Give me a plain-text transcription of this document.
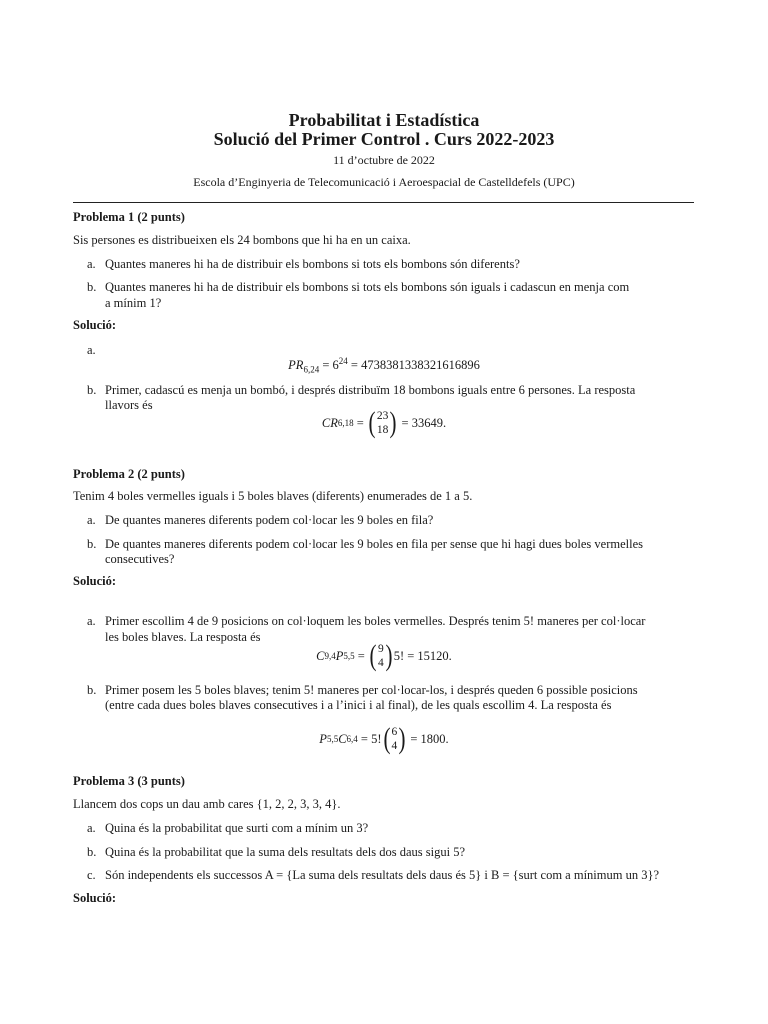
Probabilitat i Estadística
Solució del Primer Control . Curs 2022-2023
11 d’octubre de 2022
Escola d’Enginyeria de Telecomunicació i Aeroespacial de Castelldefels (UPC)
Problema 1 (2 punts)
Sis persones es distribueixen els 24 bombons que hi ha en un caixa.
a. Quantes maneres hi ha de distribuir els bombons si tots els bombons són diferents?
b. Quantes maneres hi ha de distribuir els bombons si tots els bombons són iguals i cadascun en menja com
a mínim 1?
Solució:
a.
$PR_{6,24} = 6^{24} = 4738381338321616896$
b. Primer, cadascú es menja un bombó, i després distribuïm 18 bombons iguals entre 6 persones. La resposta
llavors és
CR 6,18 = ( 23
18 ) = 33649.
Problema 2 (2 punts)
Tenim 4 boles vermelles iguals i 5 boles blaves (diferents) enumerades de 1 a 5.
a. De quantes maneres diferents podem col·locar les 9 boles en fila?
b. De quantes maneres diferents podem col·locar les 9 boles en fila per sense que hi hagi dues boles vermelles
consecutives?
Solució:
a. Primer escollim 4 de 9 posicions on col·loquem les boles vermelles. Després tenim 5! maneres per col·locar
les boles blaves. La resposta és
C 9,4 P 5,5 = ( 9
4 ) 5! = 15120.
b. Primer posem les 5 boles blaves; tenim 5! maneres per col·locar-los, i després queden 6 possible posicions
(entre cada dues boles blaves consecutives i a l’inici i al final), de les quals escollim 4. La resposta és
P 5,5 C 6,4 = 5! ( 6
4 ) = 1800.
Problema 3 (3 punts)
Llancem dos cops un dau amb cares {1, 2, 2, 3, 3, 4}.
a. Quina és la probabilitat que surti com a mínim un 3?
b. Quina és la probabilitat que la suma dels resultats dels dos daus sigui 5?
c. Són independents els successos A = {La suma dels resultats dels daus és 5} i B = {surt com a mínimum un 3}?
Solució:
